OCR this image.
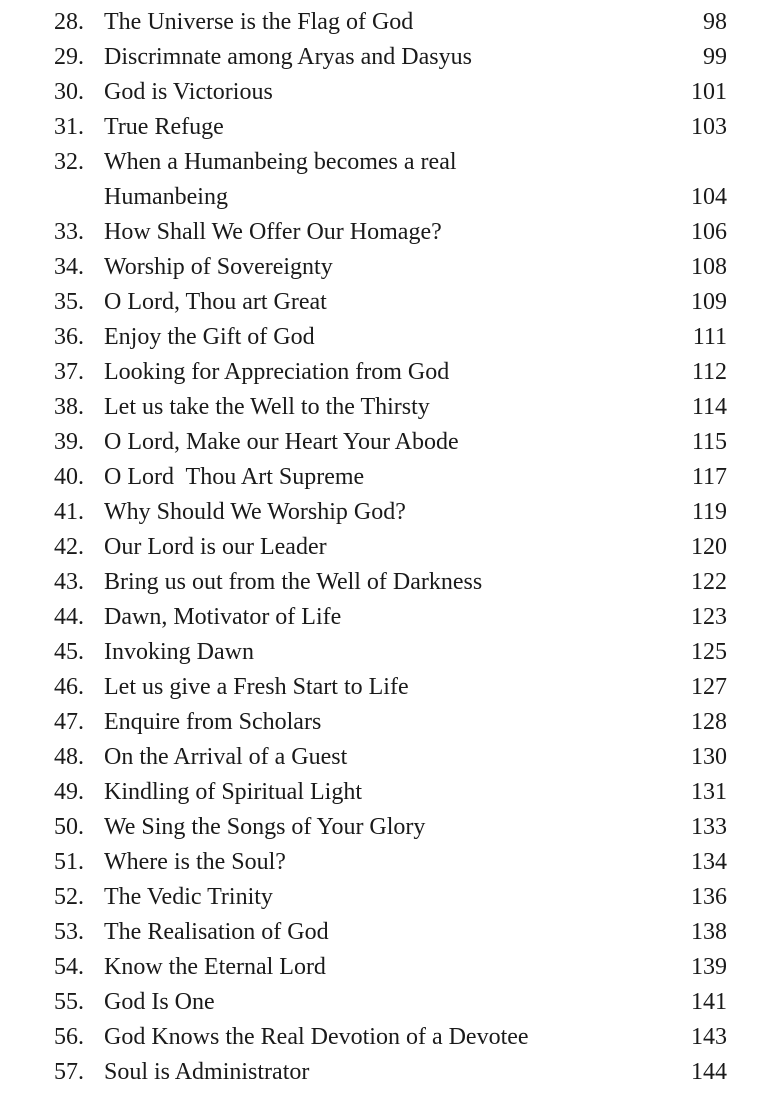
28. The Universe is the Flag of God	98
29. Discrimnate among Aryas and Dasyus	99
30. God is Victorious	101
31. True Refuge	103
32. When a Humanbeing becomes a real
Humanbeing	104
33. How Shall We Offer Our Homage?	106
34. Worship of Sovereignty	108
35. O Lord, Thou art Great	109
36. Enjoy the Gift of God	111
37. Looking for Appreciation from God	112
38. Let us take the Well to the Thirsty	114
39. O Lord, Make our Heart Your Abode	115
40. O Lord  Thou Art Supreme	117
41. Why Should We Worship God?	119
42. Our Lord is our Leader	120
43. Bring us out from the Well of Darkness	122
44. Dawn, Motivator of Life	123
45. Invoking Dawn	125
46. Let us give a Fresh Start to Life	127
47. Enquire from Scholars	128
48. On the Arrival of a Guest	130
49. Kindling of Spiritual Light	131
50. We Sing the Songs of Your Glory	133
51. Where is the Soul?	134
52. The Vedic Trinity	136
53. The Realisation of God	138
54. Know the Eternal Lord	139
55. God Is One	141
56. God Knows the Real Devotion of a Devotee	143
57. Soul is Administrator	144
